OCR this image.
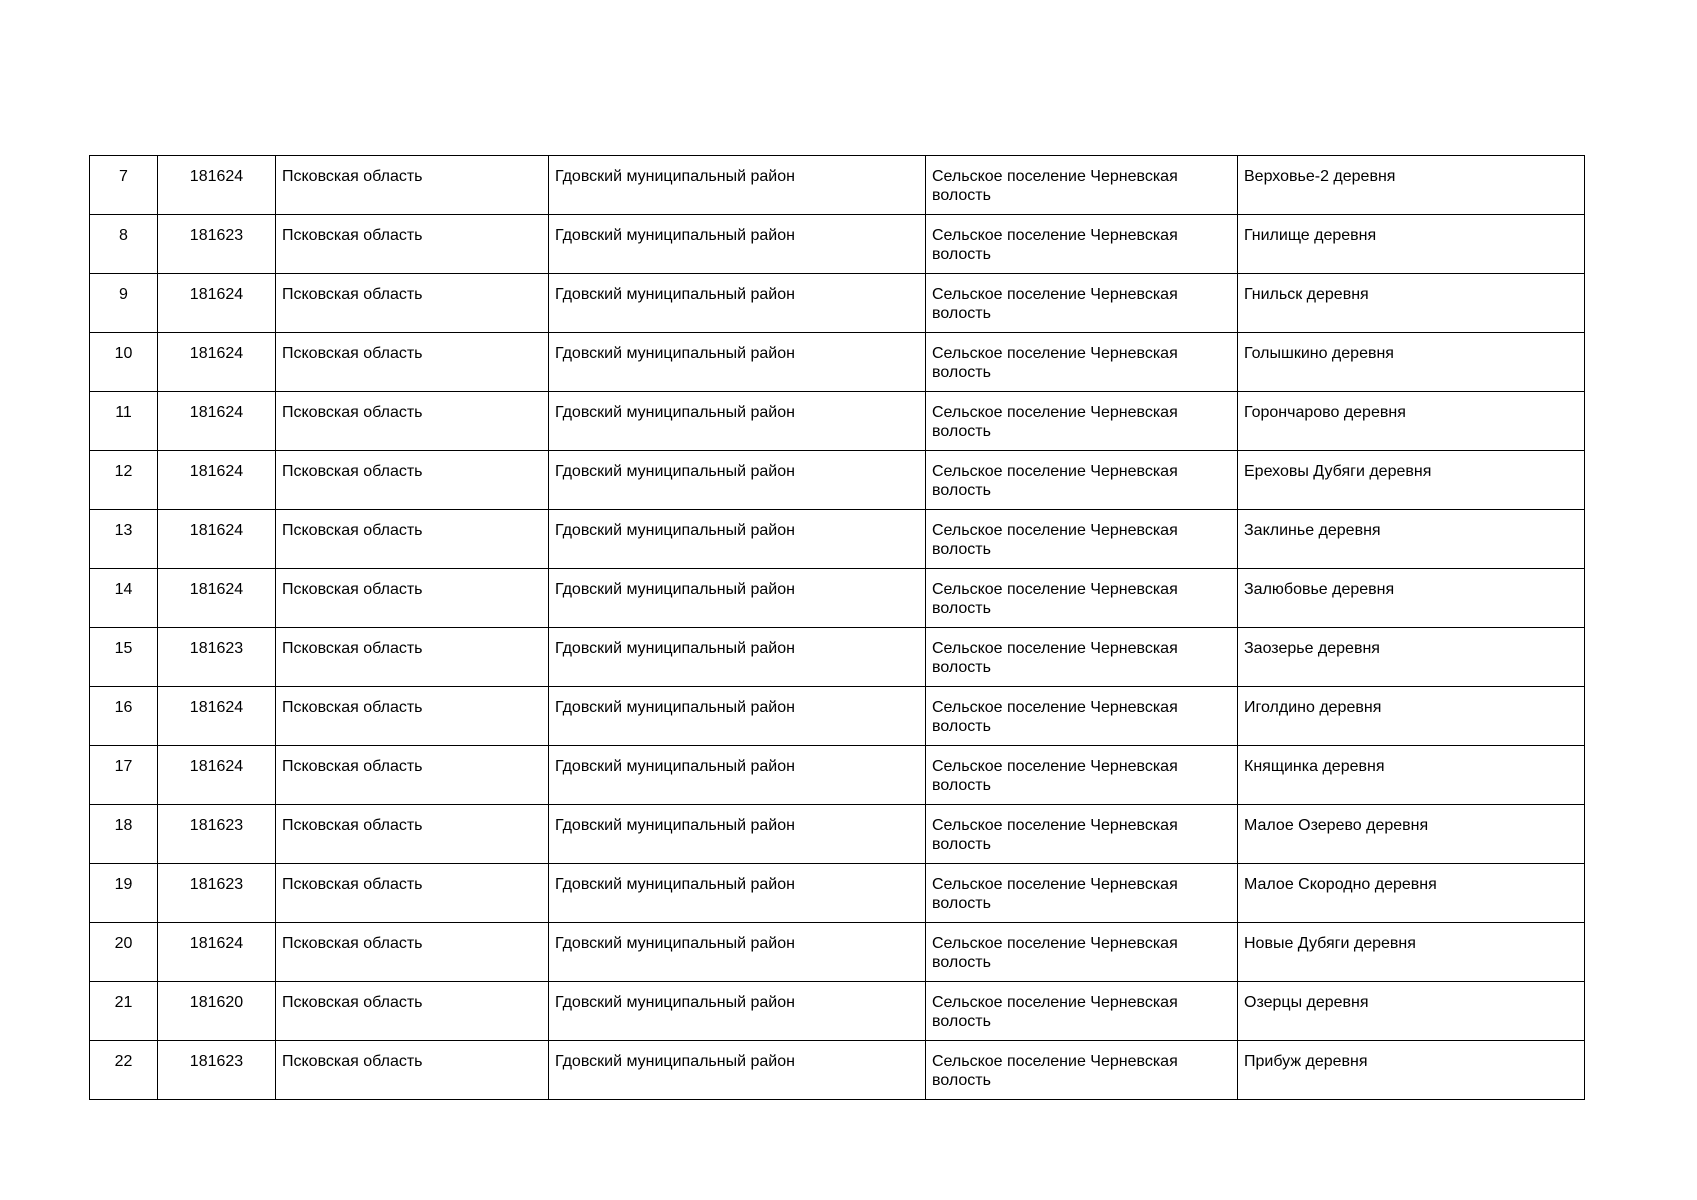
7	181624	Псковская область	Гдовский муниципальный район	Сельское поселение Черневская волость	Верховье-2 деревня
8	181623	Псковская область	Гдовский муниципальный район	Сельское поселение Черневская волость	Гнилище деревня
9	181624	Псковская область	Гдовский муниципальный район	Сельское поселение Черневская волость	Гнильск деревня
10	181624	Псковская область	Гдовский муниципальный район	Сельское поселение Черневская волость	Голышкино деревня
11	181624	Псковская область	Гдовский муниципальный район	Сельское поселение Черневская волость	Горончарово деревня
12	181624	Псковская область	Гдовский муниципальный район	Сельское поселение Черневская волость	Ереховы Дубяги деревня
13	181624	Псковская область	Гдовский муниципальный район	Сельское поселение Черневская волость	Заклинье деревня
14	181624	Псковская область	Гдовский муниципальный район	Сельское поселение Черневская волость	Залюбовье деревня
15	181623	Псковская область	Гдовский муниципальный район	Сельское поселение Черневская волость	Заозерье деревня
16	181624	Псковская область	Гдовский муниципальный район	Сельское поселение Черневская волость	Иголдино деревня
17	181624	Псковская область	Гдовский муниципальный район	Сельское поселение Черневская волость	Княщинка деревня
18	181623	Псковская область	Гдовский муниципальный район	Сельское поселение Черневская волость	Малое Озерево деревня
19	181623	Псковская область	Гдовский муниципальный район	Сельское поселение Черневская волость	Малое Скородно деревня
20	181624	Псковская область	Гдовский муниципальный район	Сельское поселение Черневская волость	Новые Дубяги деревня
21	181620	Псковская область	Гдовский муниципальный район	Сельское поселение Черневская волость	Озерцы деревня
22	181623	Псковская область	Гдовский муниципальный район	Сельское поселение Черневская волость	Прибуж деревня
